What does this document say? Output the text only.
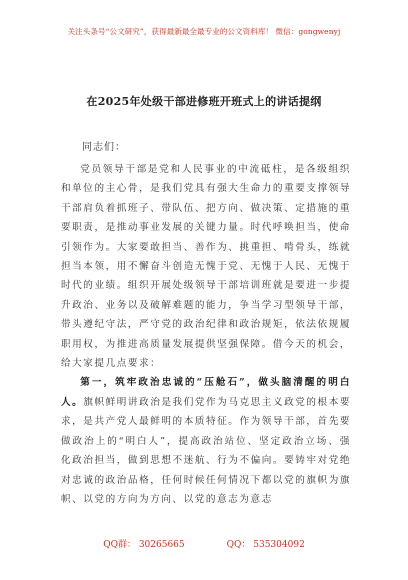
关注头条号“公文研究”，获得最新最全最专业的公文资料库！ 微信：gongwenyj
在2025年处级干部进修班开班式上的讲话提纲
同志们：

党员领导干部是党和人民事业的中流砥柱，是各级组织和单位的主心骨，是我们党具有强大生命力的重要支撑领导干部肩负着抓班子、带队伍、把方向、做决策、定措施的重要职责，是推动事业发展的关键力量。时代呼唤担当，使命引领作为。大家要敢担当、善作为、挑重担、啃骨头，练就担当本领，用不懈奋斗创造无愧于党、无愧于人民、无愧于时代的业绩。组织开展处级领导干部培训班就是要进一步提升政治、业务以及破解难题的能力，争当学习型领导干部，带头遵纪守法，严守党的政治纪律和政治规矩，依法依规履职用权，为推进高质量发展提供坚强保障。借今天的机会，给大家提几点要求：

第一，筑牢政治忠诚的“压舱石”，做头脑清醒的明白人。旗帜鲜明讲政治是我们党作为马克思主义政党的根本要求，是共产党人最鲜明的本质特征。作为领导干部，首先要做政治上的“明白人”，提高政治站位、坚定政治立场、强化政治担当，做到思想不迷航、行为不偏向。要铸牢对党绝对忠诚的政治品格，任何时候任何情况下都以党的旗帜为旗帜、以党的方向为方向、以党的意志为意志

QQ群： 30265665	QQ： 535304092
